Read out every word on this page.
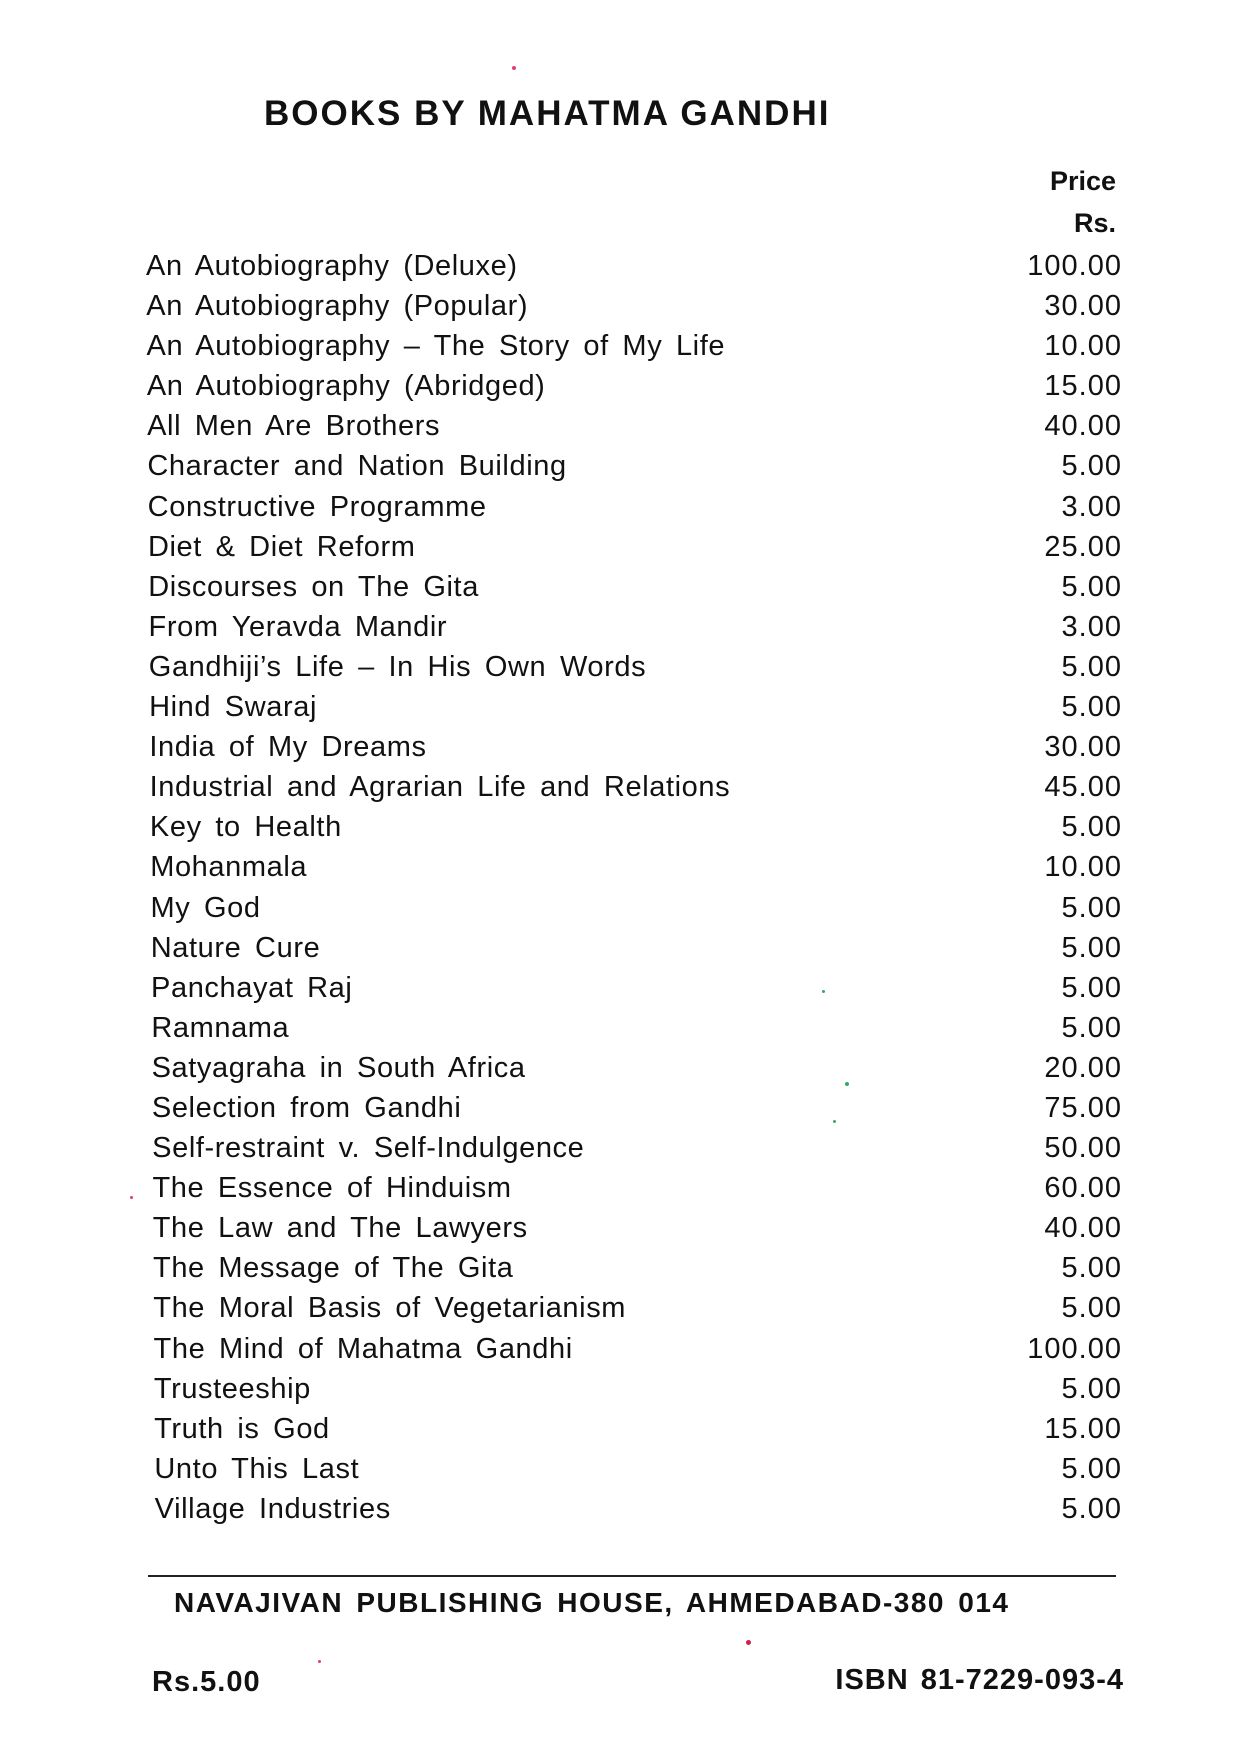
BOOKS BY MAHATMA GANDHI
Price
Rs.
An Autobiography (Deluxe)	100.00
An Autobiography (Popular)	30.00
An Autobiography – The Story of My Life	10.00
An Autobiography (Abridged)	15.00
All Men Are Brothers	40.00
Character and Nation Building	5.00
Constructive Programme	3.00
Diet & Diet Reform	25.00
Discourses on The Gita	5.00
From Yeravda Mandir	3.00
Gandhiji’s Life – In His Own Words	5.00
Hind Swaraj	5.00
India of My Dreams	30.00
Industrial and Agrarian Life and Relations	45.00
Key to Health	5.00
Mohanmala	10.00
My God	5.00
Nature Cure	5.00
Panchayat Raj	5.00
Ramnama	5.00
Satyagraha in South Africa	20.00
Selection from Gandhi	75.00
Self-restraint v. Self-Indulgence	50.00
The Essence of Hinduism	60.00
The Law and The Lawyers	40.00
The Message of The Gita	5.00
The Moral Basis of Vegetarianism	5.00
The Mind of Mahatma Gandhi	100.00
Trusteeship	5.00
Truth is God	15.00
Unto This Last	5.00
Village Industries	5.00
NAVAJIVAN PUBLISHING HOUSE, AHMEDABAD-380 014
Rs.5.00	ISBN 81-7229-093-4
